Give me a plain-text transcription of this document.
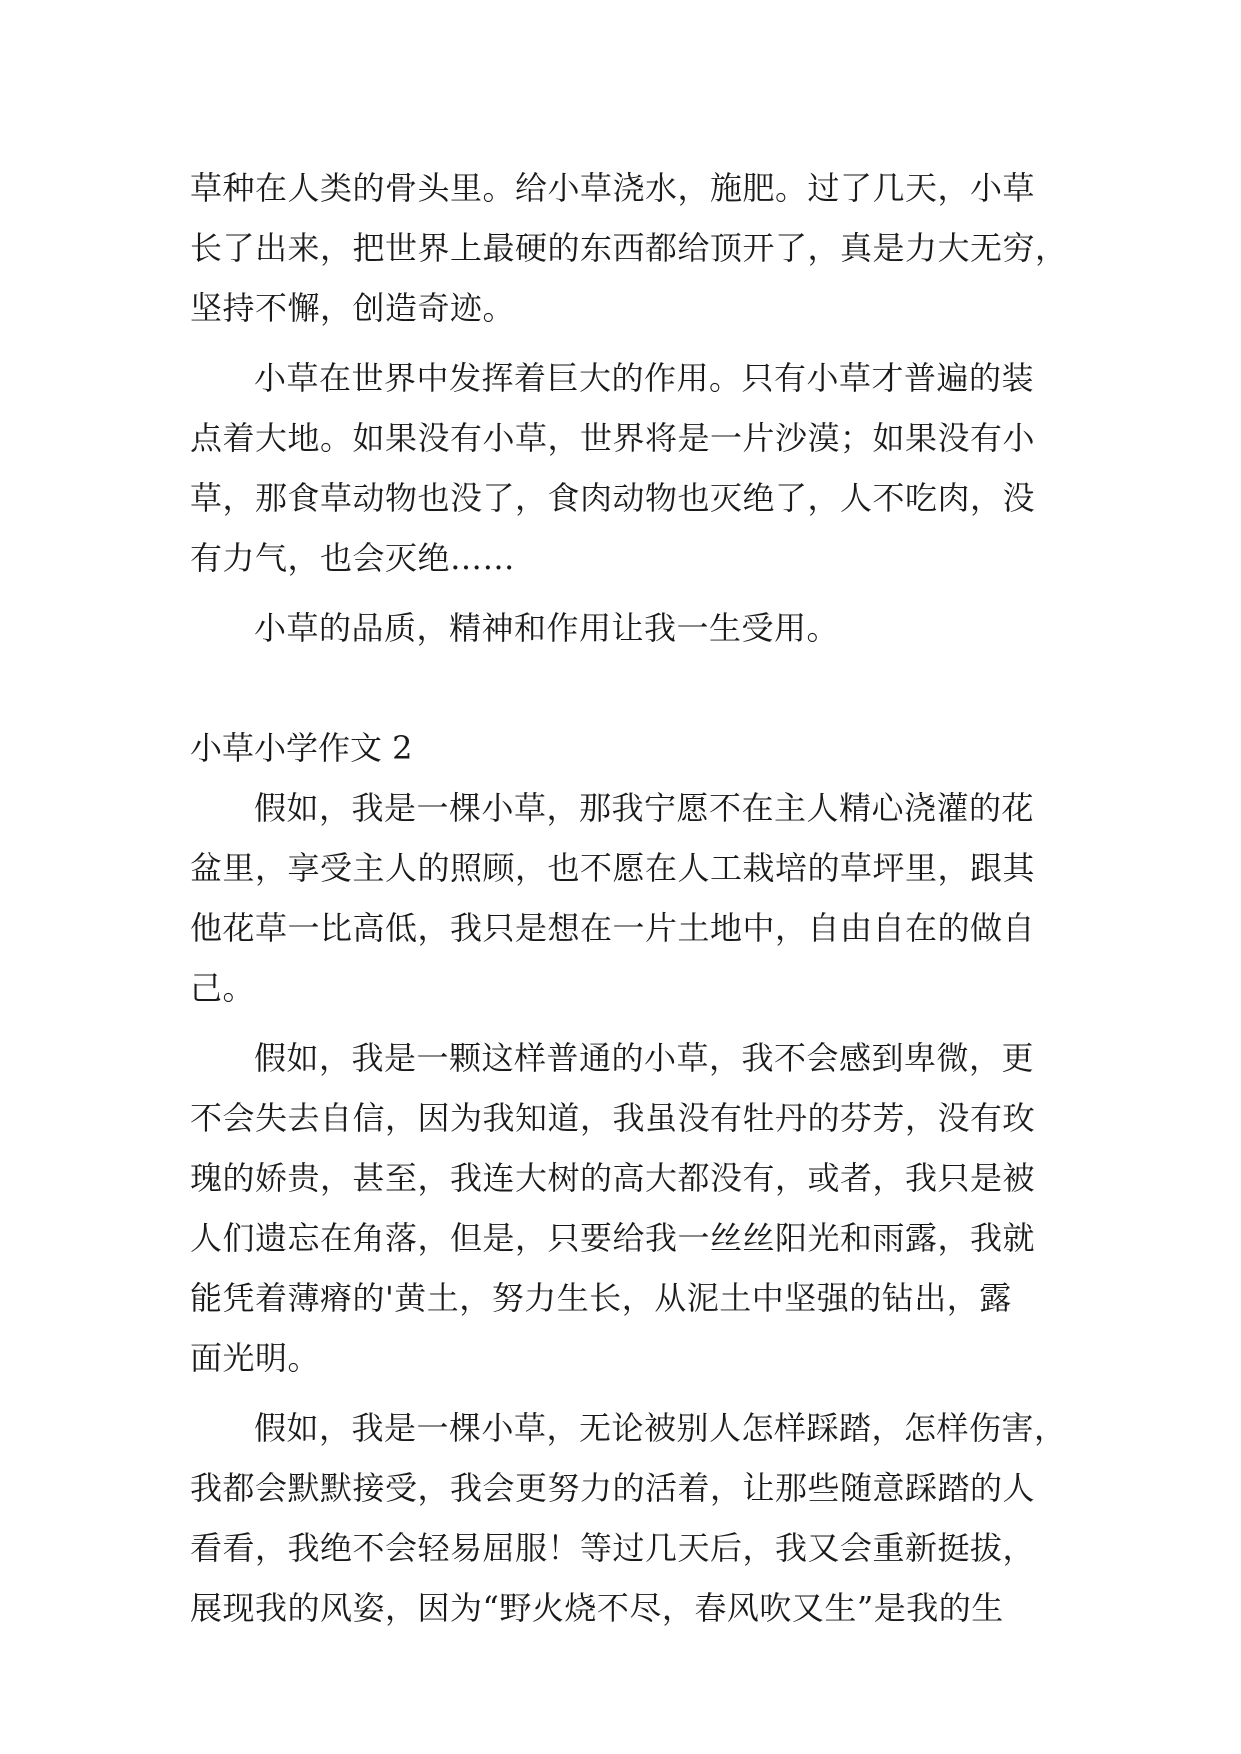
草种在人类的骨头里。给小草浇水，施肥。过了几天，小草
长了出来，把世界上最硬的东西都给顶开了，真是力大无穷，
坚持不懈，创造奇迹。
小草在世界中发挥着巨大的作用。只有小草才普遍的装
点着大地。如果没有小草，世界将是一片沙漠；如果没有小
草，那食草动物也没了，食肉动物也灭绝了，人不吃肉，没
有力气，也会灭绝……
小草的品质，精神和作用让我一生受用。
小草小学作文 2
假如，我是一棵小草，那我宁愿不在主人精心浇灌的花
盆里，享受主人的照顾，也不愿在人工栽培的草坪里，跟其
他花草一比高低，我只是想在一片土地中，自由自在的做自
己。
假如，我是一颗这样普通的小草，我不会感到卑微，更
不会失去自信，因为我知道，我虽没有牡丹的芬芳，没有玫
瑰的娇贵，甚至，我连大树的高大都没有，或者，我只是被
人们遗忘在角落，但是，只要给我一丝丝阳光和雨露，我就
能凭着薄瘠的'黄土，努力生长，从泥土中坚强的钻出，露
面光明。
假如，我是一棵小草，无论被别人怎样踩踏，怎样伤害，
我都会默默接受，我会更努力的活着，让那些随意踩踏的人
看看，我绝不会轻易屈服！等过几天后，我又会重新挺拔，
展现我的风姿，因为“野火烧不尽，春风吹又生”是我的生
